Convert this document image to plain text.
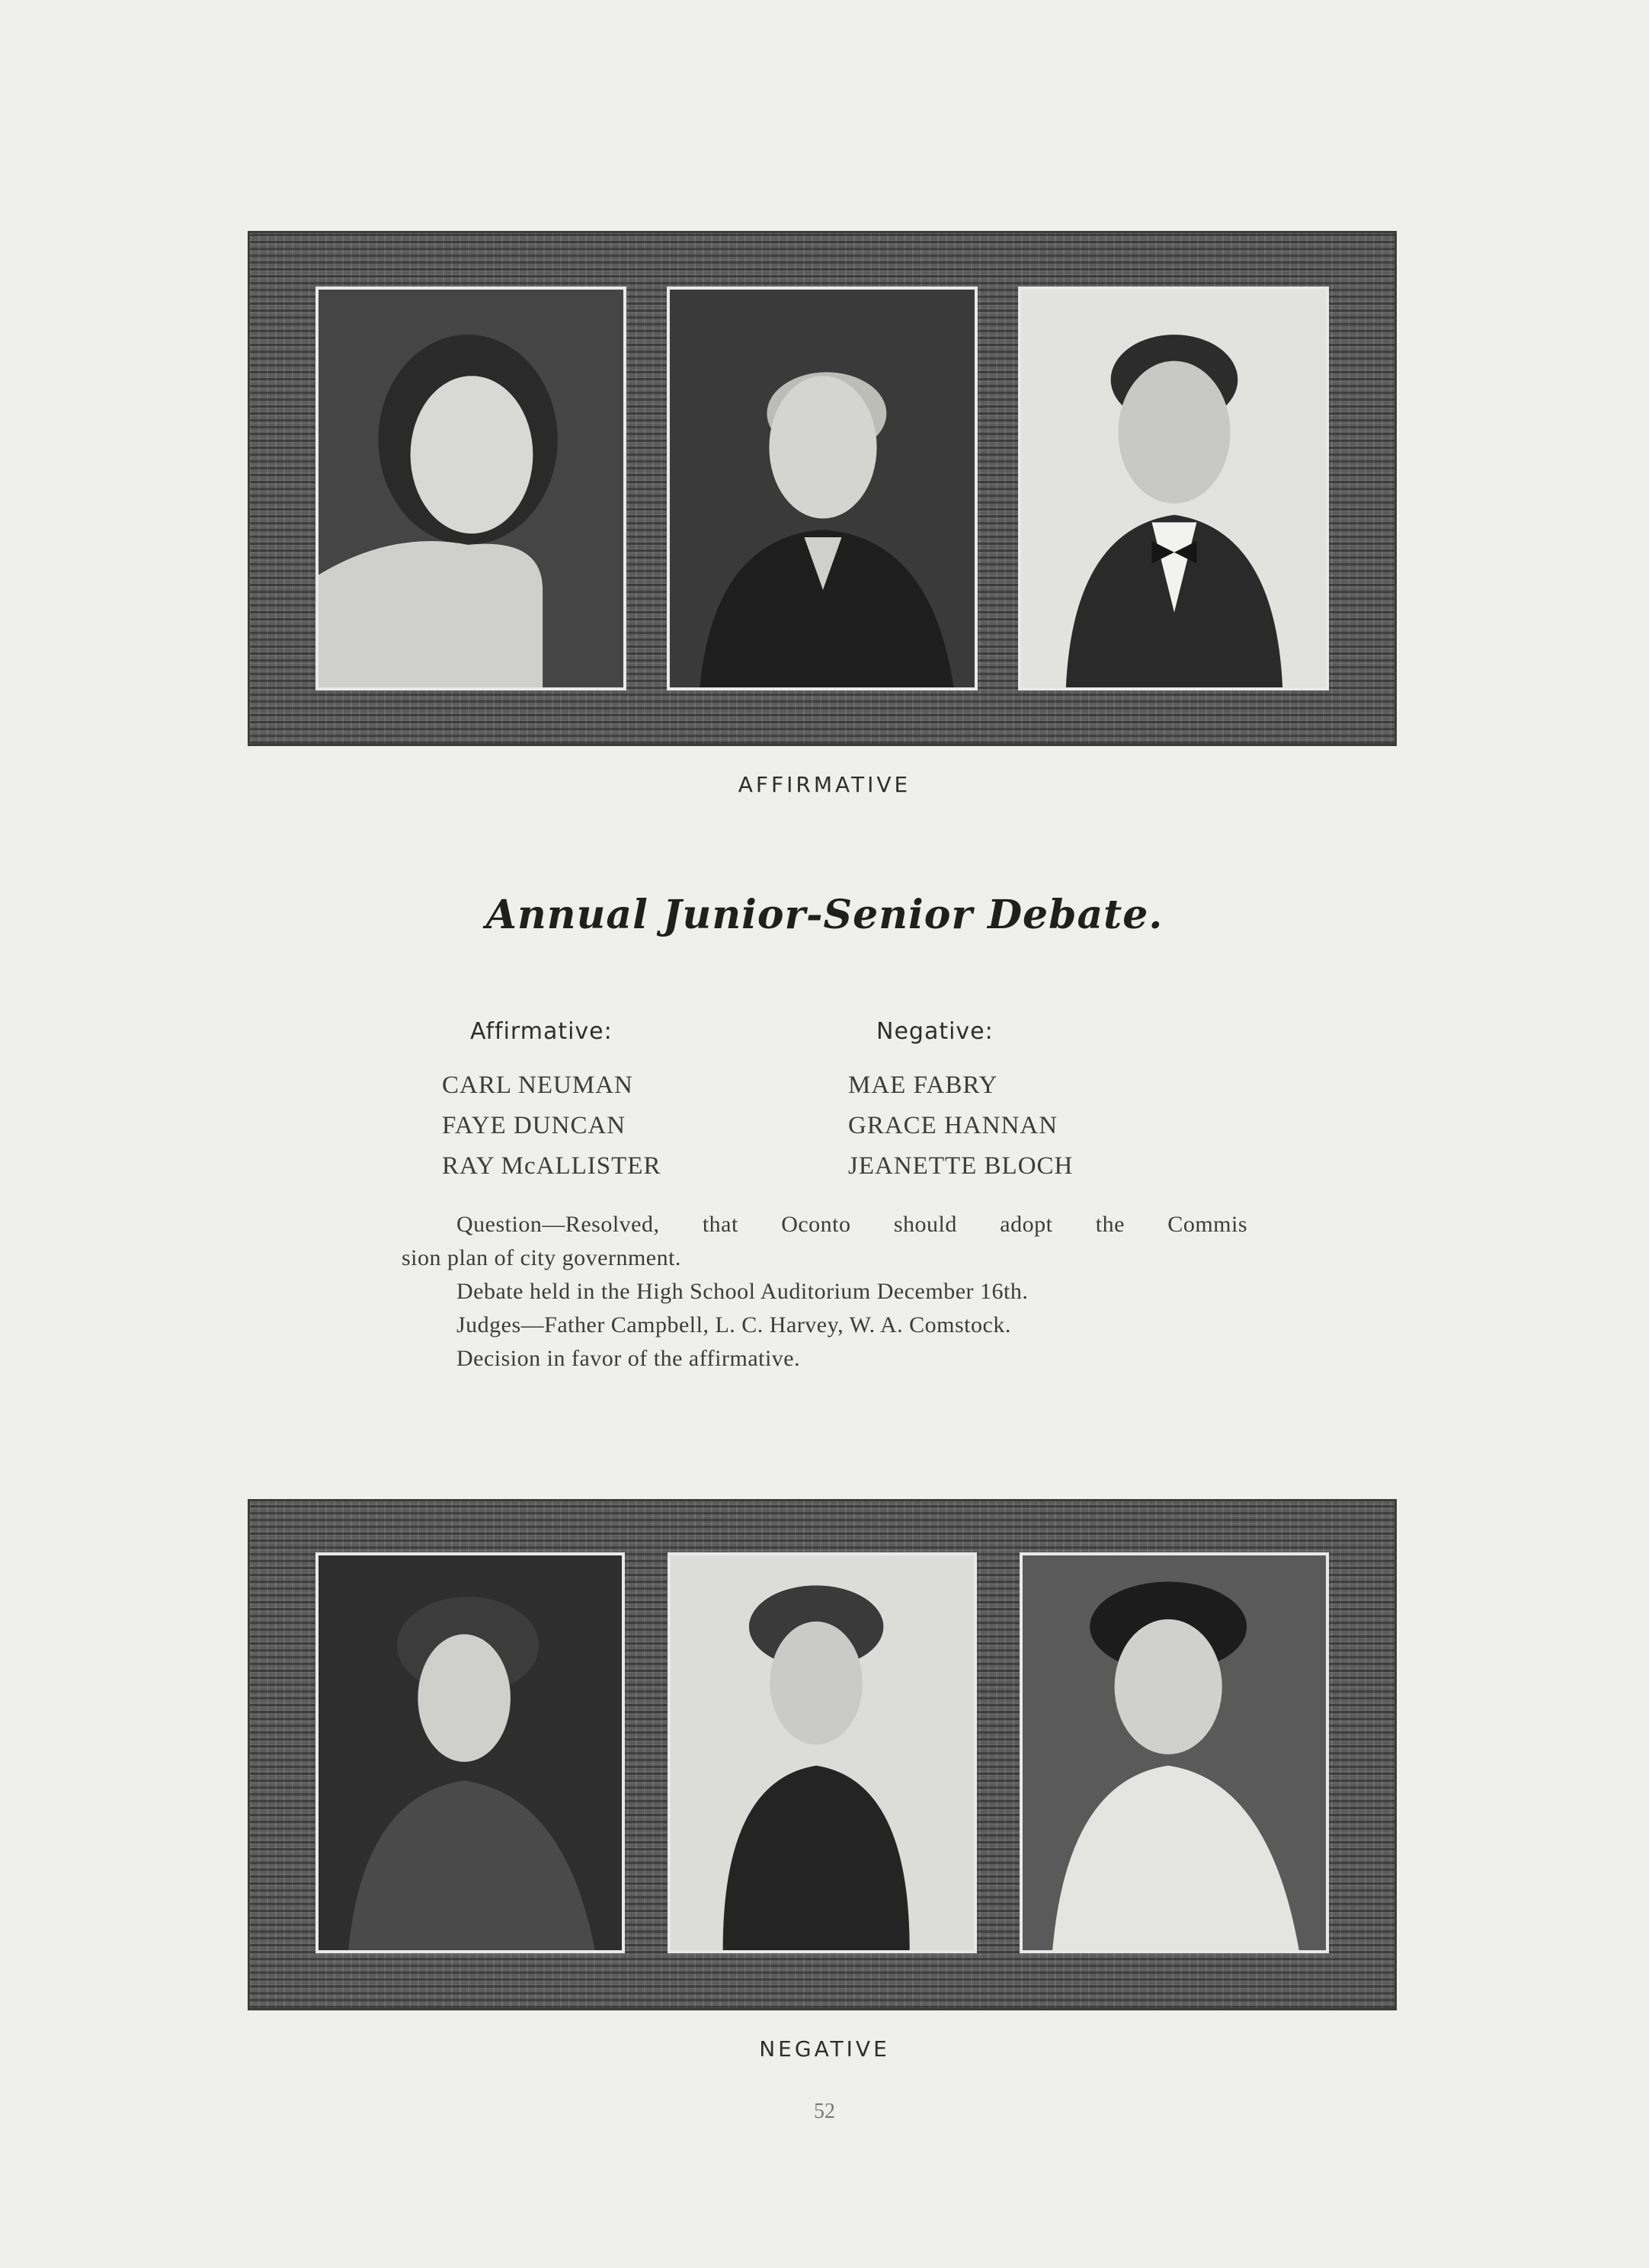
AFFIRMATIVE
Annual Junior-Senior Debate.
Affirmative:	Negative:
CARL NEUMAN
FAYE DUNCAN
RAY McALLISTER
MAE FABRY
GRACE HANNAN
JEANETTE BLOCH
Question—Resolved, that Oconto should adopt the Commis
sion plan of city government.
Debate held in the High School Auditorium December 16th.
Judges—Father Campbell, L. C. Harvey, W. A. Comstock.
Decision in favor of the affirmative.
NEGATIVE
52
